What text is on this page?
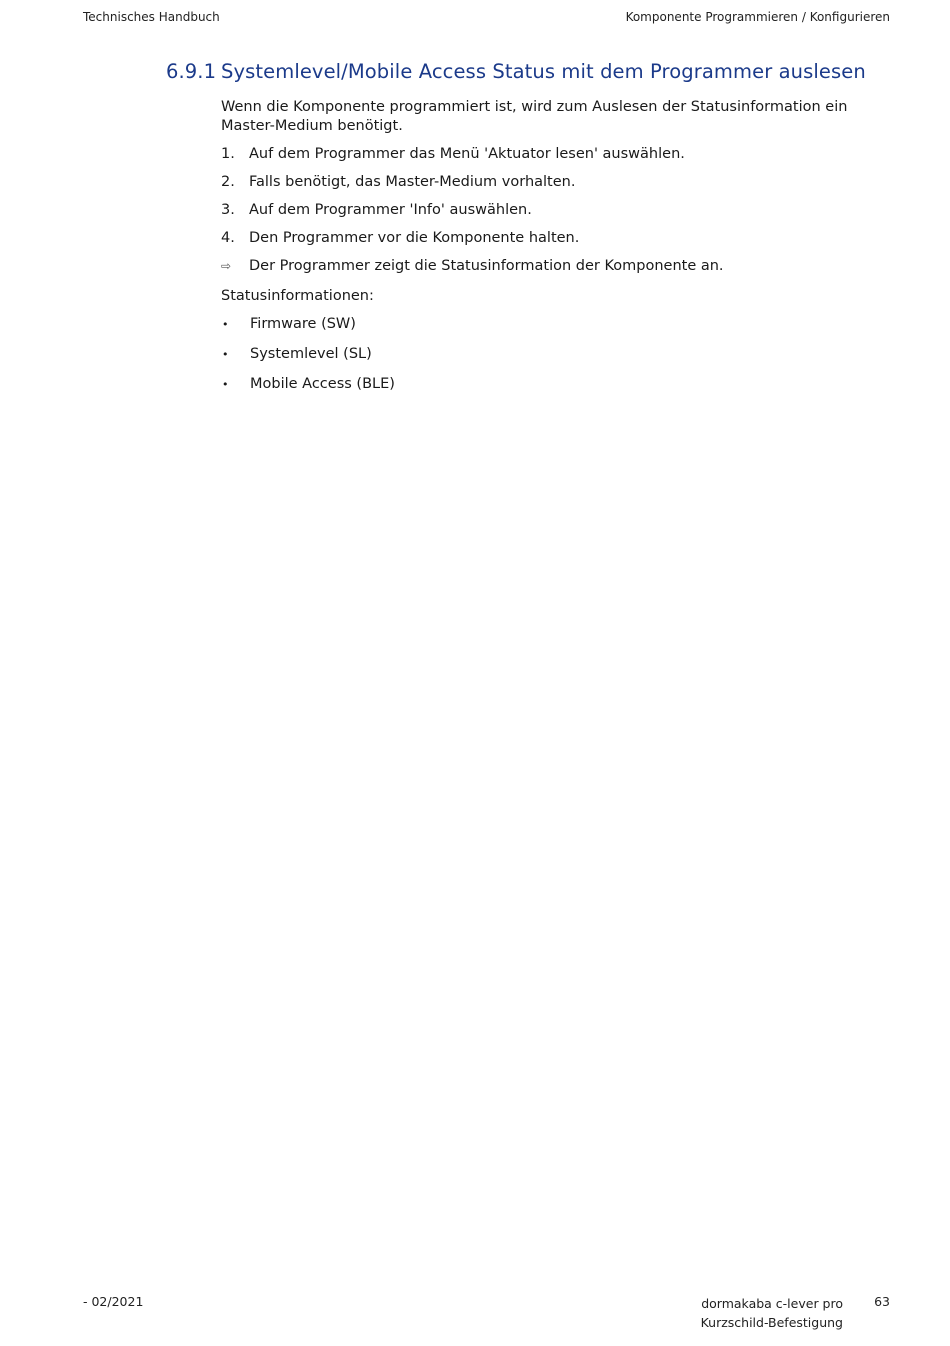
Technisches Handbuch	Komponente Programmieren / Konfigurieren
6.9.1 Systemlevel/Mobile Access Status mit dem Programmer auslesen

Wenn die Komponente programmiert ist, wird zum Auslesen der Statusinformation ein Master-Medium benötigt.

1. Auf dem Programmer das Menü 'Aktuator lesen' auswählen.
2. Falls benötigt, das Master-Medium vorhalten.
3. Auf dem Programmer 'Info' auswählen.
4. Den Programmer vor die Komponente halten.
⇨	Der Programmer zeigt die Statusinformation der Komponente an.

Statusinformationen:

•	Firmware (SW)
•	Systemlevel (SL)
•	Mobile Access (BLE)
- 02/2021	dormakaba c-lever pro
Kurzschild-Befestigung
63
